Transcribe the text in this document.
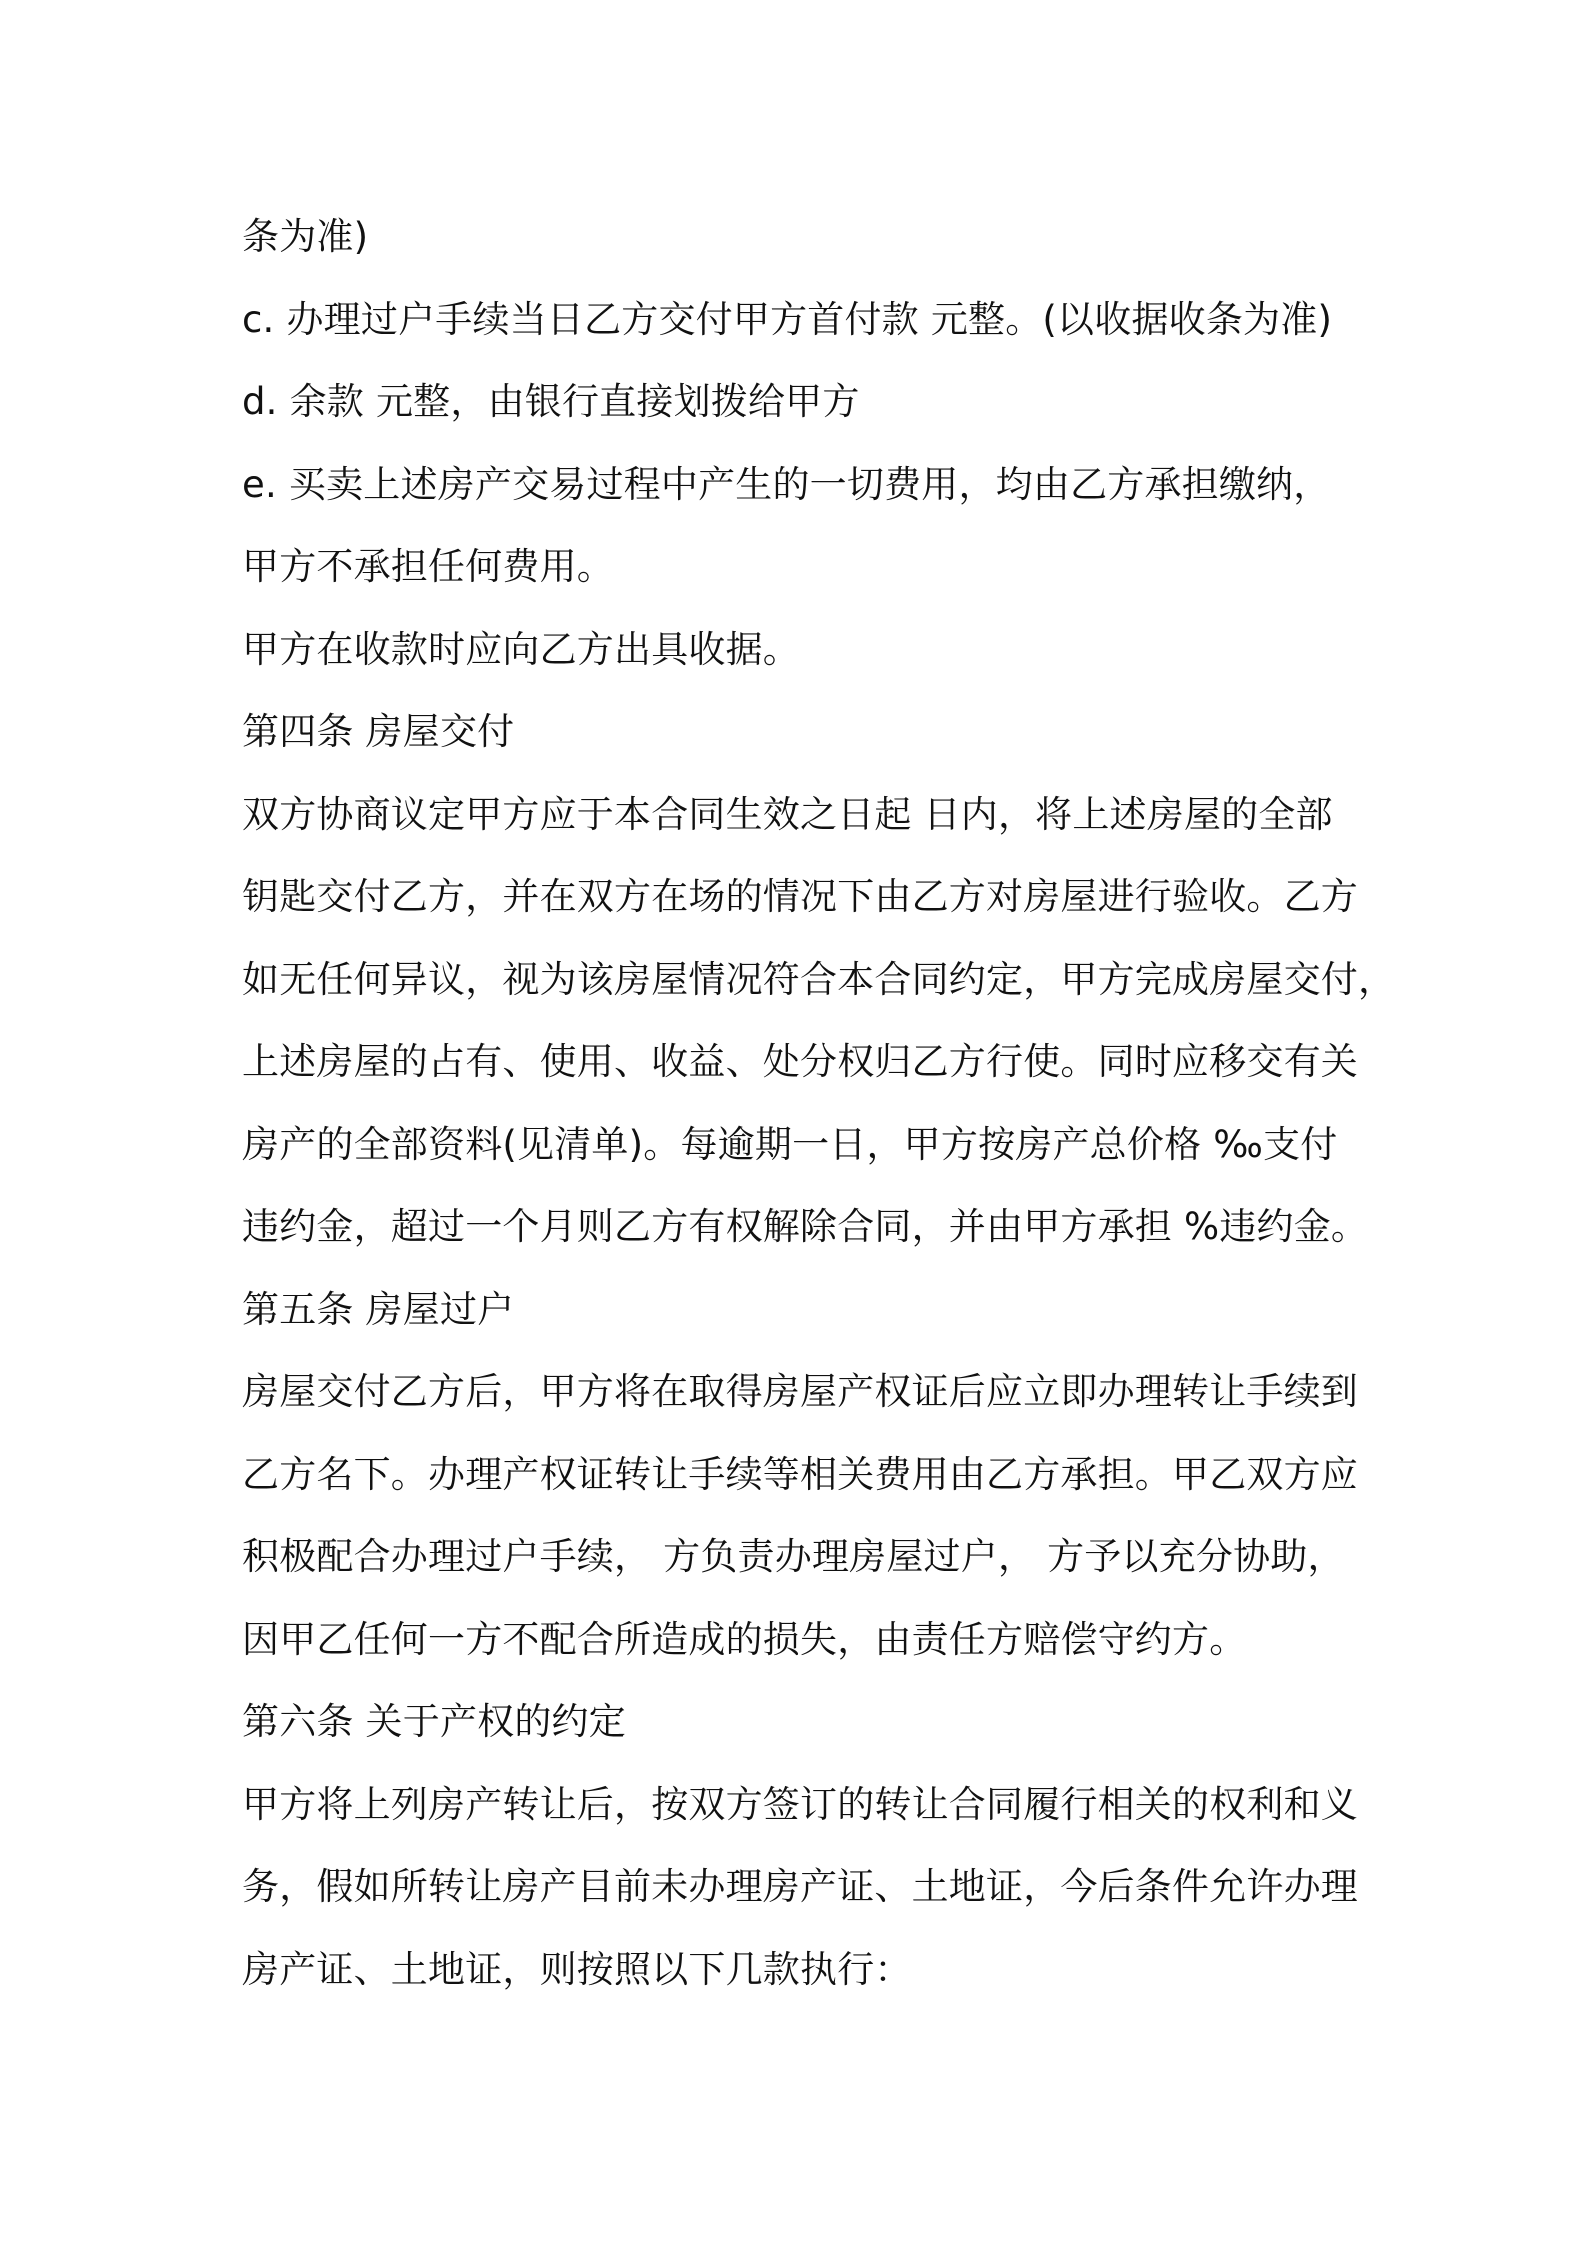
条为准)
c. 办理过户手续当日乙方交付甲方首付款 元整。(以收据收条为准)
d. 余款 元整，由银行直接划拨给甲方
e. 买卖上述房产交易过程中产生的一切费用，均由乙方承担缴纳，
甲方不承担任何费用。
甲方在收款时应向乙方出具收据。
第四条 房屋交付
双方协商议定甲方应于本合同生效之日起 日内，将上述房屋的全部
钥匙交付乙方，并在双方在场的情况下由乙方对房屋进行验收。乙方
如无任何异议，视为该房屋情况符合本合同约定，甲方完成房屋交付，
上述房屋的占有、使用、收益、处分权归乙方行使。同时应移交有关
房产的全部资料(见清单)。每逾期一日，甲方按房产总价格 ‰支付
违约金，超过一个月则乙方有权解除合同，并由甲方承担 %违约金。
第五条 房屋过户
房屋交付乙方后，甲方将在取得房屋产权证后应立即办理转让手续到
乙方名下。办理产权证转让手续等相关费用由乙方承担。甲乙双方应
积极配合办理过户手续， 方负责办理房屋过户， 方予以充分协助，
因甲乙任何一方不配合所造成的损失，由责任方赔偿守约方。
第六条 关于产权的约定
甲方将上列房产转让后，按双方签订的转让合同履行相关的权利和义
务，假如所转让房产目前未办理房产证、土地证，今后条件允许办理
房产证、土地证，则按照以下几款执行：
